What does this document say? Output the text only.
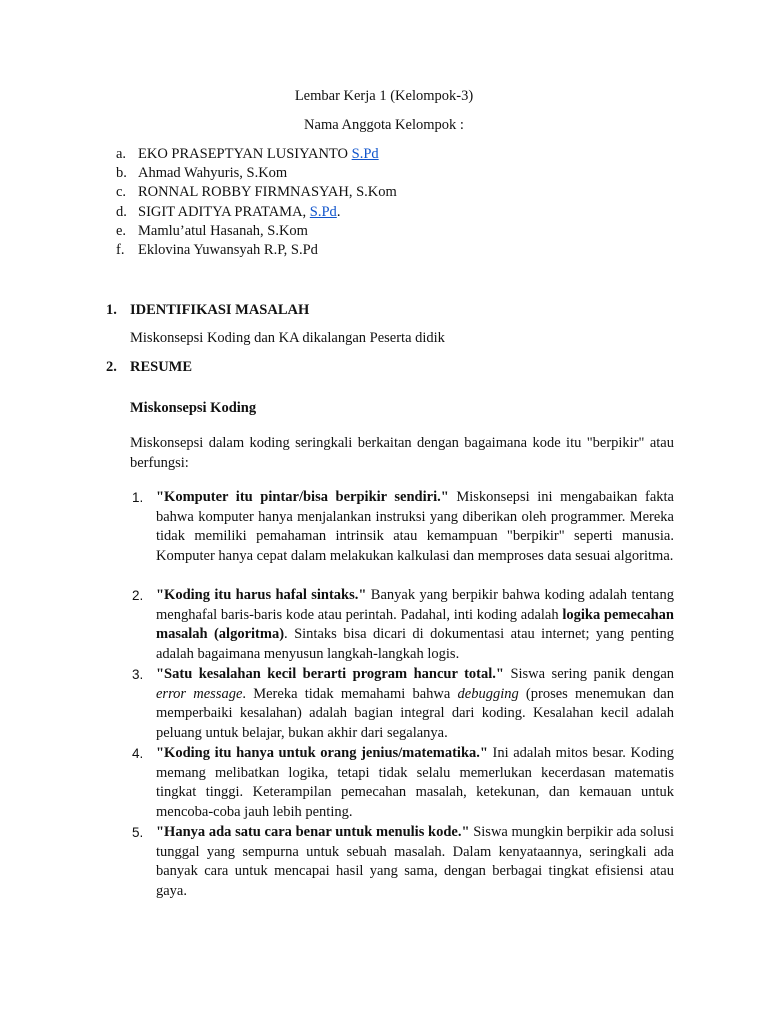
Lembar Kerja 1 (Kelompok-3)
Nama Anggota Kelompok :
a. EKO PRASEPTYAN LUSIYANTO S.Pd
b. Ahmad Wahyuris, S.Kom
c. RONNAL ROBBY FIRMNASYAH, S.Kom
d. SIGIT ADITYA PRATAMA, S.Pd.
e. Mamlu’atul Hasanah, S.Kom
f. Eklovina Yuwansyah R.P, S.Pd
1. IDENTIFIKASI MASALAH
Miskonsepsi Koding dan KA dikalangan Peserta didik
2. RESUME
Miskonsepsi Koding
Miskonsepsi dalam koding seringkali berkaitan dengan bagaimana kode itu "berpikir" atau berfungsi:
1. "Komputer itu pintar/bisa berpikir sendiri." Miskonsepsi ini mengabaikan fakta bahwa komputer hanya menjalankan instruksi yang diberikan oleh programmer. Mereka tidak memiliki pemahaman intrinsik atau kemampuan "berpikir" seperti manusia. Komputer hanya cepat dalam melakukan kalkulasi dan memproses data sesuai algoritma.
2. "Koding itu harus hafal sintaks." Banyak yang berpikir bahwa koding adalah tentang menghafal baris-baris kode atau perintah. Padahal, inti koding adalah logika pemecahan masalah (algoritma). Sintaks bisa dicari di dokumentasi atau internet; yang penting adalah bagaimana menyusun langkah-langkah logis.
3. "Satu kesalahan kecil berarti program hancur total." Siswa sering panik dengan error message. Mereka tidak memahami bahwa debugging (proses menemukan dan memperbaiki kesalahan) adalah bagian integral dari koding. Kesalahan kecil adalah peluang untuk belajar, bukan akhir dari segalanya.
4. "Koding itu hanya untuk orang jenius/matematika." Ini adalah mitos besar. Koding memang melibatkan logika, tetapi tidak selalu memerlukan kecerdasan matematis tingkat tinggi. Keterampilan pemecahan masalah, ketekunan, dan kemauan untuk mencoba-coba jauh lebih penting.
5. "Hanya ada satu cara benar untuk menulis kode." Siswa mungkin berpikir ada solusi tunggal yang sempurna untuk sebuah masalah. Dalam kenyataannya, seringkali ada banyak cara untuk mencapai hasil yang sama, dengan berbagai tingkat efisiensi atau gaya.
